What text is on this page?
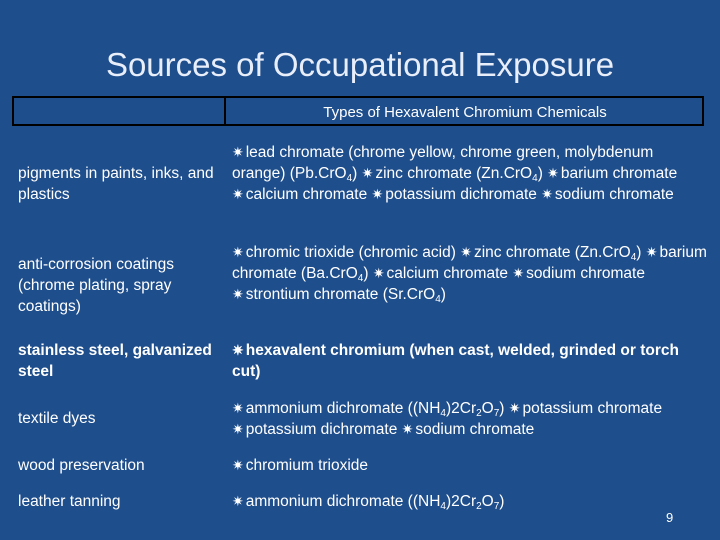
Sources of Occupational Exposure
Types of Hexavalent Chromium Chemicals
pigments in paints, inks, and plastics
✷ lead chromate (chrome yellow, chrome green, molybdenum orange) (Pb.CrO$_4$) ✷ zinc chromate (Zn.CrO$_4$) ✷ barium chromate ✷ calcium chromate ✷ potassium dichromate ✷ sodium chromate
anti-corrosion coatings (chrome plating, spray coatings)
✷ chromic trioxide (chromic acid) ✷ zinc chromate (Zn.CrO$_4$) ✷ barium chromate (Ba.CrO$_4$) ✷ calcium chromate ✷ sodium chromate ✷ strontium chromate (Sr.CrO$_4$)
stainless steel, galvanized steel
✷ hexavalent chromium (when cast, welded, grinded or torch cut)
textile dyes
✷ ammonium dichromate $((NH_4)2Cr_2O_7)$ ✷ potassium chromate ✷ potassium dichromate ✷ sodium chromate
wood preservation	✷ chromium trioxide
leather tanning	✷ ammonium dichromate $((NH_4)2Cr_2O_7)$
9
